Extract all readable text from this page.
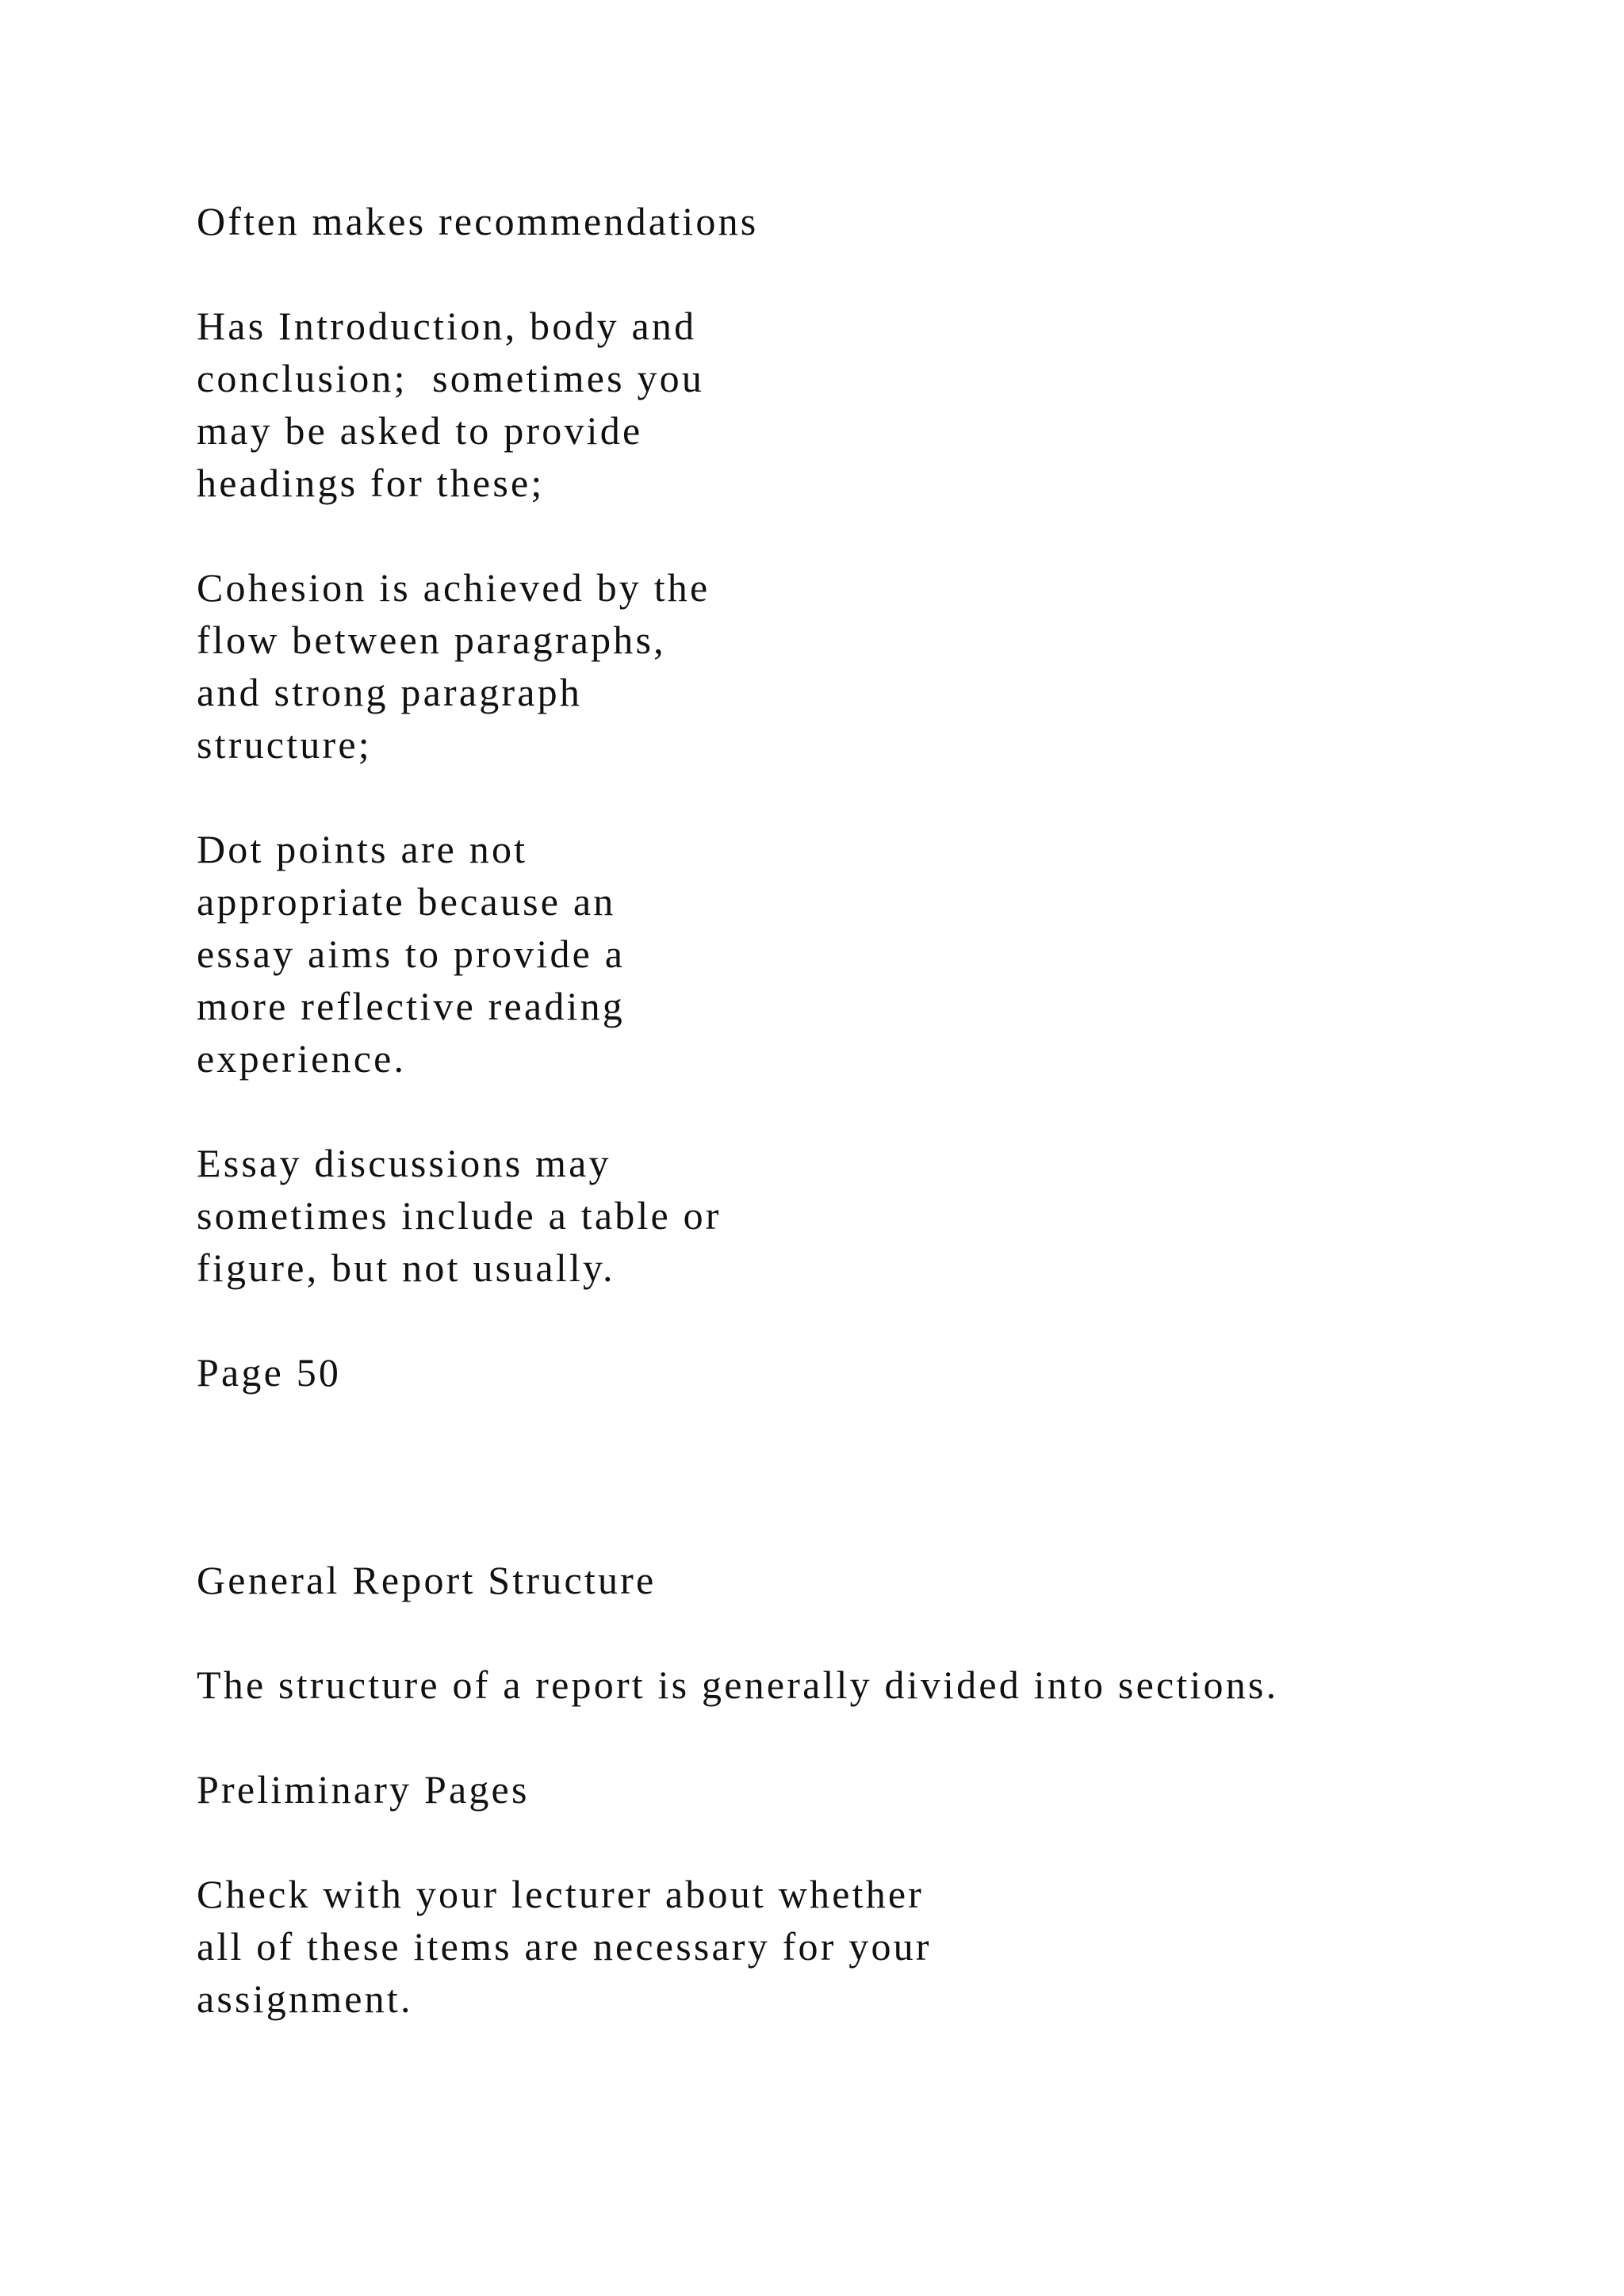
Often makes recommendations

Has Introduction, body and

conclusion;  sometimes you

may be asked to provide

headings for these;

Cohesion is achieved by the

flow between paragraphs,

and strong paragraph

structure;

Dot points are not

appropriate because an

essay aims to provide a

more reflective reading

experience.

Essay discussions may

sometimes include a table or

figure, but not usually.

Page 50

General Report Structure

The structure of a report is generally divided into sections.

Preliminary Pages

Check with your lecturer about whether

all of these items are necessary for your

assignment.
